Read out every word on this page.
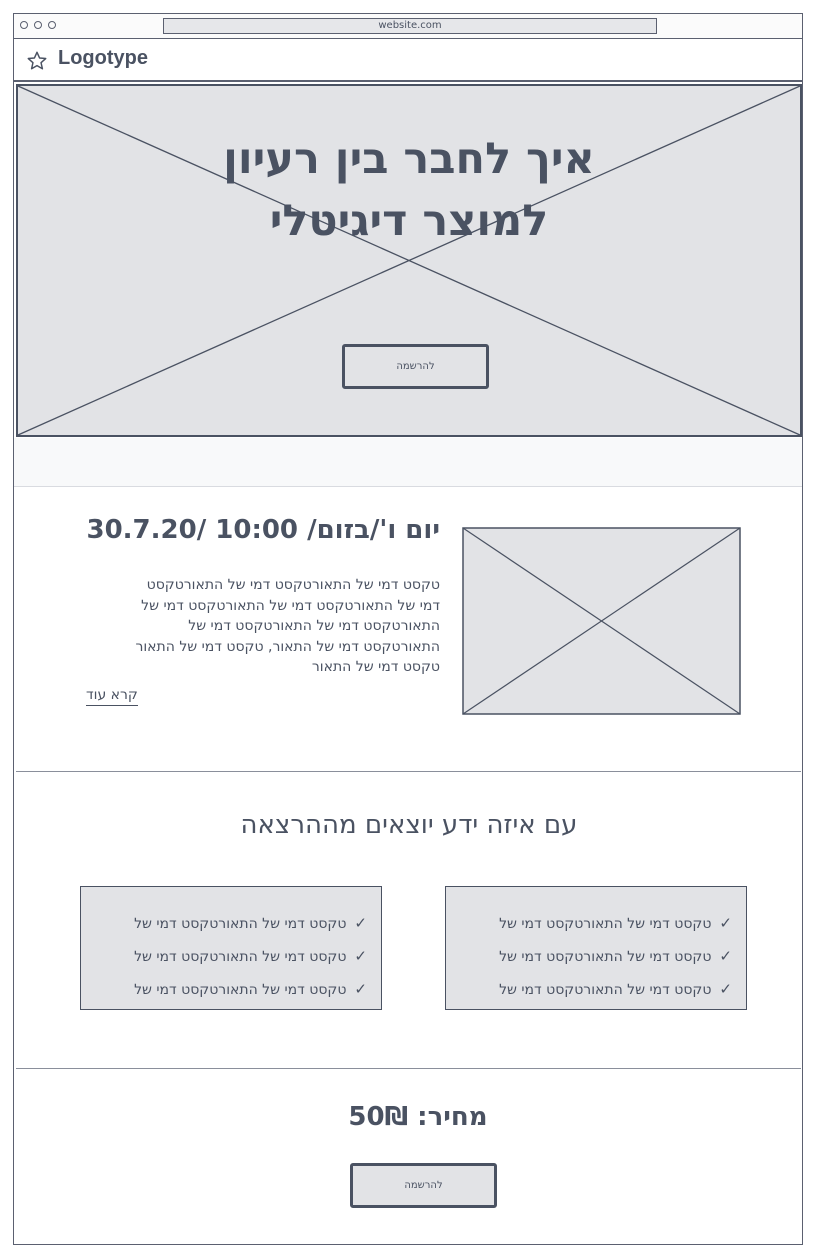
website.com
Logotype
איך לחבר בין רעיון
למוצר דיגיטלי
להרשמה
יום ו'/בזום/ 10:00 /30.7.20
טקסט דמי של התאורטקסט דמי של התאורטקסט
דמי של התאורטקסט דמי של התאורטקסט דמי של
התאורטקסט דמי של התאורטקסט דמי של
התאורטקסט דמי של התאור, טקסט דמי של התאור
טקסט דמי של התאור
קרא עוד
עם איזה ידע יוצאים מההרצאה
✓טקסט דמי של התאורטקסט דמי של
✓טקסט דמי של התאורטקסט דמי של
✓טקסט דמי של התאורטקסט דמי של
✓טקסט דמי של התאורטקסט דמי של
✓טקסט דמי של התאורטקסט דמי של
✓טקסט דמי של התאורטקסט דמי של
מחיר: 50₪
להרשמה
